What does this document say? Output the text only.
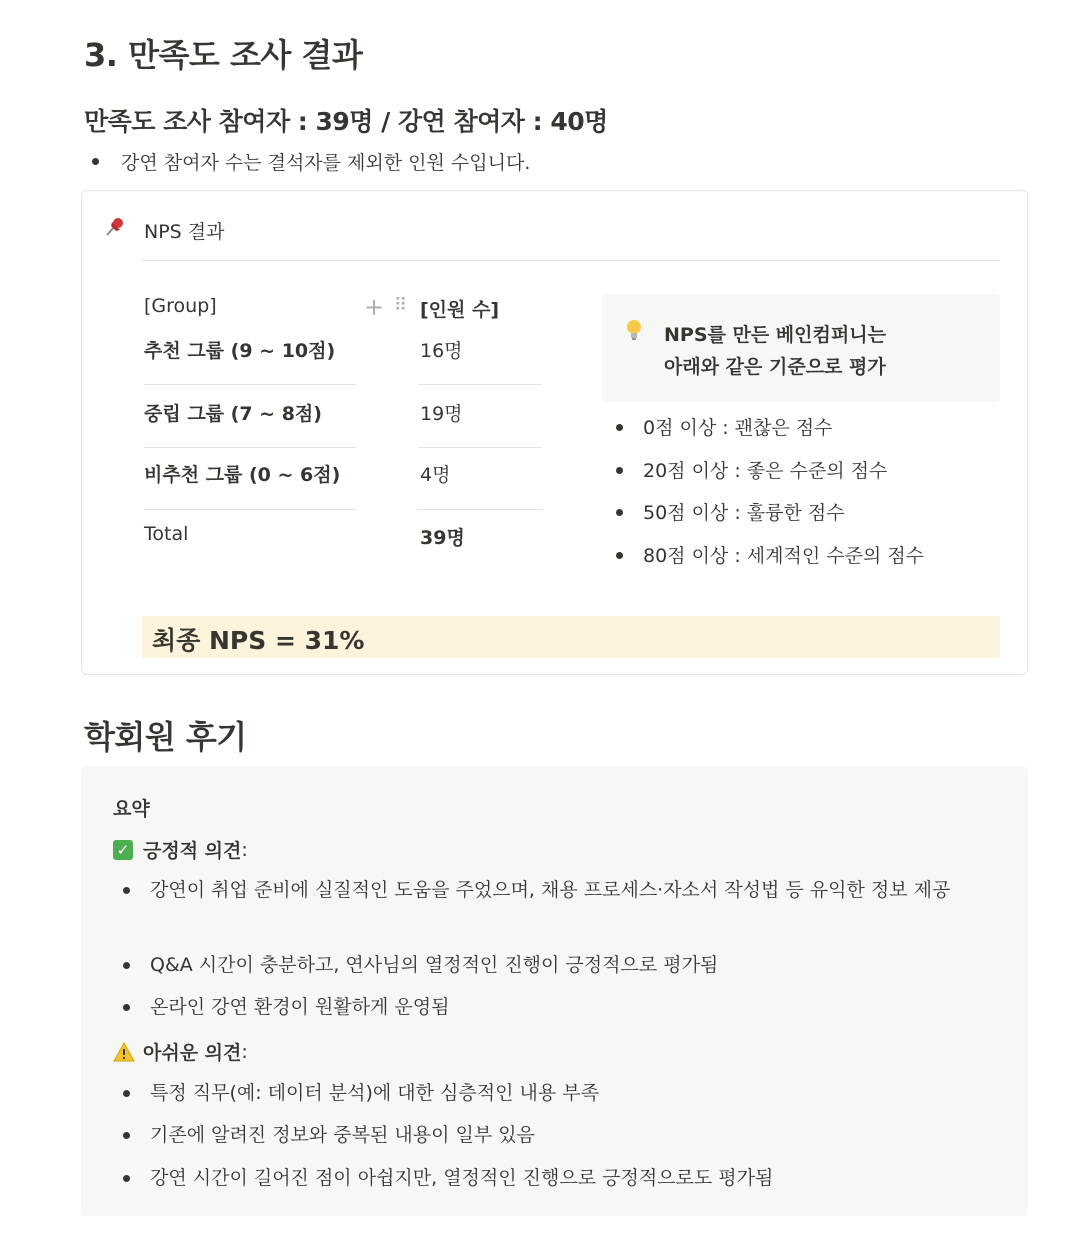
3. 만족도 조사 결과
만족도 조사 참여자 : 39명 / 강연 참여자 : 40명
강연 참여자 수는 결석자를 제외한 인원 수입니다.
NPS 결과
[Group]	+ ⠿ [인원 수]
추천 그룹 (9 ~ 10점)	16명
중립 그룹 (7 ~ 8점)	19명
비추천 그룹 (0 ~ 6점)	4명
Total	39명
NPS를 만든 베인컴퍼니는
아래와 같은 기준으로 평가
0점 이상 : 괜찮은 점수
20점 이상 : 좋은 수준의 점수
50점 이상 : 훌륭한 점수
80점 이상 : 세계적인 수준의 점수
최종 NPS = 31%
학회원 후기
요약
✓ 긍정적 의견 :
강연이 취업 준비에 실질적인 도움을 주었으며, 채용 프로세스·자소서 작성법 등 유익한 정보 제공
Q&A 시간이 충분하고, 연사님의 열정적인 진행이 긍정적으로 평가됨
온라인 강연 환경이 원활하게 운영됨
아쉬운 의견 :
특정 직무(예: 데이터 분석)에 대한 심층적인 내용 부족
기존에 알려진 정보와 중복된 내용이 일부 있음
강연 시간이 길어진 점이 아쉽지만, 열정적인 진행으로 긍정적으로도 평가됨
